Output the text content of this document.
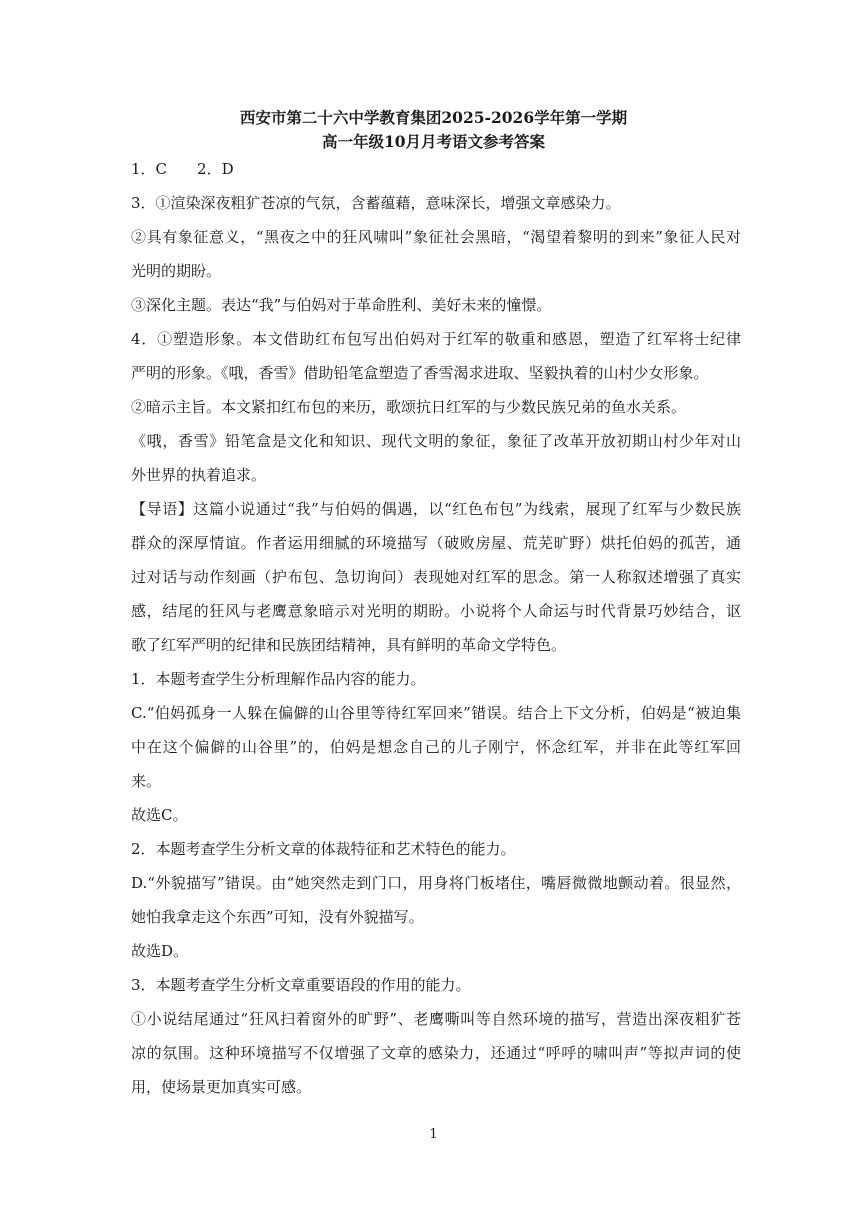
西安市第二十六中学教育集团2025-2026学年第一学期
高一年级10月月考语文参考答案
1．C　　2．D
3．①渲染深夜粗犷苍凉的气氛，含蓄蕴藉，意味深长，增强文章感染力。
②具有象征意义，“黑夜之中的狂风啸叫”象征社会黑暗，“渴望着黎明的到来”象征人民对
光明的期盼。
③深化主题。表达“我”与伯妈对于革命胜利、美好未来的憧憬。
4．①塑造形象。本文借助红布包写出伯妈对于红军的敬重和感恩，塑造了红军将士纪律
严明的形象。《哦，香雪》借助铅笔盒塑造了香雪渴求进取、坚毅执着的山村少女形象。
②暗示主旨。本文紧扣红布包的来历，歌颂抗日红军的与少数民族兄弟的鱼水关系。
《哦，香雪》铅笔盒是文化和知识、现代文明的象征，象征了改革开放初期山村少年对山
外世界的执着追求。
【导语】这篇小说通过“我”与伯妈的偶遇，以“红色布包”为线索，展现了红军与少数民族
群众的深厚情谊。作者运用细腻的环境描写（破败房屋、荒芜旷野）烘托伯妈的孤苦，通
过对话与动作刻画（护布包、急切询问）表现她对红军的思念。第一人称叙述增强了真实
感，结尾的狂风与老鹰意象暗示对光明的期盼。小说将个人命运与时代背景巧妙结合，讴
歌了红军严明的纪律和民族团结精神，具有鲜明的革命文学特色。
1．本题考查学生分析理解作品内容的能力。
C.“伯妈孤身一人躲在偏僻的山谷里等待红军回来”错误。结合上下文分析，伯妈是“被迫集
中在这个偏僻的山谷里”的，伯妈是想念自己的儿子刚宁，怀念红军，并非在此等红军回
来。
故选C。
2．本题考查学生分析文章的体裁特征和艺术特色的能力。
D.“外貌描写”错误。由“她突然走到门口，用身将门板堵住，嘴唇微微地颤动着。很显然，
她怕我拿走这个东西”可知，没有外貌描写。
故选D。
3．本题考查学生分析文章重要语段的作用的能力。
①小说结尾通过“狂风扫着窗外的旷野”、老鹰嘶叫等自然环境的描写，营造出深夜粗犷苍
凉的氛围。这种环境描写不仅增强了文章的感染力，还通过“呼呼的啸叫声”等拟声词的使
用，使场景更加真实可感。
1
